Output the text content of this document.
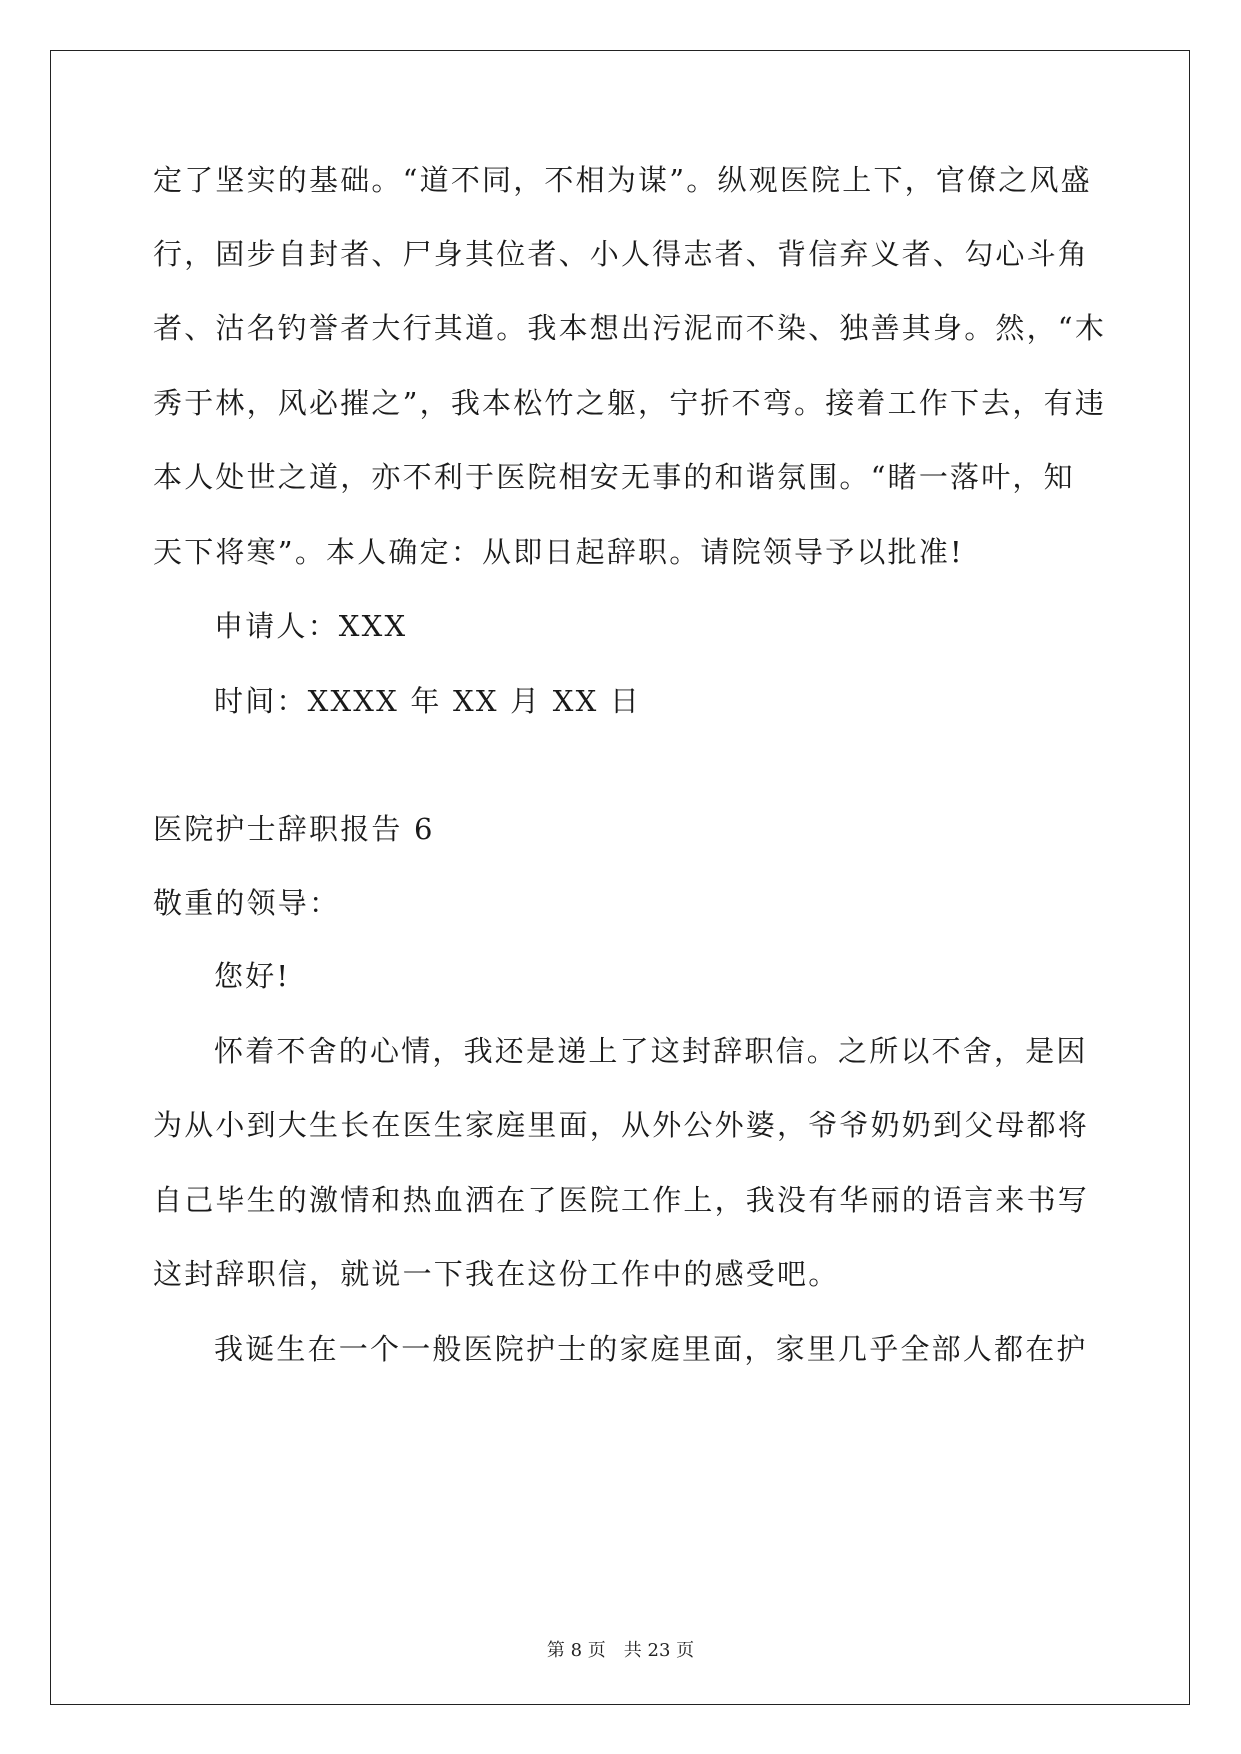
定了坚实的基础。“道不同，不相为谋”。纵观医院上下，官僚之风盛
行，固步自封者、尸身其位者、小人得志者、背信弃义者、勾心斗角
者、沽名钓誉者大行其道。我本想出污泥而不染、独善其身。然，“木
秀于林，风必摧之”，我本松竹之躯，宁折不弯。接着工作下去，有违
本人处世之道，亦不利于医院相安无事的和谐氛围。“睹一落叶，知
天下将寒”。本人确定：从即日起辞职。请院领导予以批准!
申请人：XXX
时间：XXXX 年 XX 月 XX 日
医院护士辞职报告 6
敬重的领导：
您好!
怀着不舍的心情，我还是递上了这封辞职信。之所以不舍，是因
为从小到大生长在医生家庭里面，从外公外婆，爷爷奶奶到父母都将
自己毕生的激情和热血洒在了医院工作上，我没有华丽的语言来书写
这封辞职信，就说一下我在这份工作中的感受吧。
我诞生在一个一般医院护士的家庭里面，家里几乎全部人都在护
第 8 页　共 23 页
